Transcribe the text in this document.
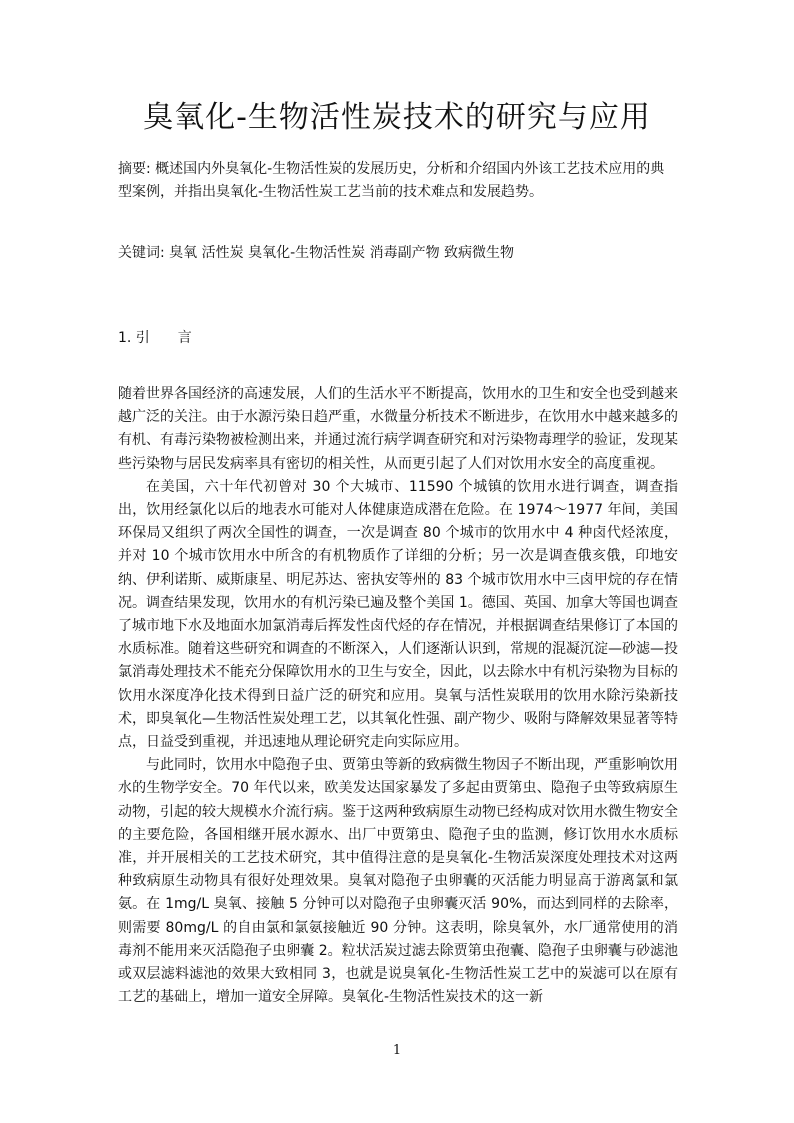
臭氧化-生物活性炭技术的研究与应用

摘要: 概述国内外臭氧化-生物活性炭的发展历史，分析和介绍国内外该工艺技术应用的典型案例，并指出臭氧化-生物活性炭工艺当前的技术难点和发展趋势。

关键词: 臭氧 活性炭 臭氧化-生物活性炭 消毒副产物 致病微生物

1. 引　　言

随着世界各国经济的高速发展，人们的生活水平不断提高，饮用水的卫生和安全也受到越来越广泛的关注。由于水源污染日趋严重，水微量分析技术不断进步，在饮用水中越来越多的有机、有毒污染物被检测出来，并通过流行病学调查研究和对污染物毒理学的验证，发现某些污染物与居民发病率具有密切的相关性，从而更引起了人们对饮用水安全的高度重视。

在美国，六十年代初曾对 30 个大城市、11590 个城镇的饮用水进行调查，调查指出，饮用经氯化以后的地表水可能对人体健康造成潜在危险。在 1974～1977 年间，美国环保局又组织了两次全国性的调查，一次是调查 80 个城市的饮用水中 4 种卤代烃浓度，并对 10 个城市饮用水中所含的有机物质作了详细的分析；另一次是调查俄亥俄，印地安纳、伊利诺斯、威斯康星、明尼苏达、密执安等州的 83 个城市饮用水中三卤甲烷的存在情况。调查结果发现，饮用水的有机污染已遍及整个美国 1。德国、英国、加拿大等国也调查了城市地下水及地面水加氯消毒后挥发性卤代烃的存在情况，并根据调查结果修订了本国的水质标准。随着这些研究和调查的不断深入，人们逐渐认识到，常规的混凝沉淀—砂滤—投氯消毒处理技术不能充分保障饮用水的卫生与安全，因此，以去除水中有机污染物为目标的饮用水深度净化技术得到日益广泛的研究和应用。臭氧与活性炭联用的饮用水除污染新技术，即臭氧化—生物活性炭处理工艺，以其氧化性强、副产物少、吸附与降解效果显著等特点，日益受到重视，并迅速地从理论研究走向实际应用。

与此同时，饮用水中隐孢子虫、贾第虫等新的致病微生物因子不断出现，严重影响饮用水的生物学安全。70 年代以来，欧美发达国家暴发了多起由贾第虫、隐孢子虫等致病原生动物，引起的较大规模水介流行病。鉴于这两种致病原生动物已经构成对饮用水微生物安全的主要危险，各国相继开展水源水、出厂中贾第虫、隐孢子虫的监测，修订饮用水水质标准，并开展相关的工艺技术研究，其中值得注意的是臭氧化-生物活炭深度处理技术对这两种致病原生动物具有很好处理效果。臭氧对隐孢子虫卵囊的灭活能力明显高于游离氯和氯氨。在 1mg/L 臭氧、接触 5 分钟可以对隐孢子虫卵囊灭活 90%，而达到同样的去除率，则需要 80mg/L 的自由氯和氯氨接触近 90 分钟。这表明，除臭氧外，水厂通常使用的消毒剂不能用来灭活隐孢子虫卵囊 2。粒状活炭过滤去除贾第虫孢囊、隐孢子虫卵囊与砂滤池或双层滤料滤池的效果大致相同 3，也就是说臭氧化-生物活性炭工艺中的炭滤可以在原有工艺的基础上，增加一道安全屏障。臭氧化-生物活性炭技术的这一新

1
